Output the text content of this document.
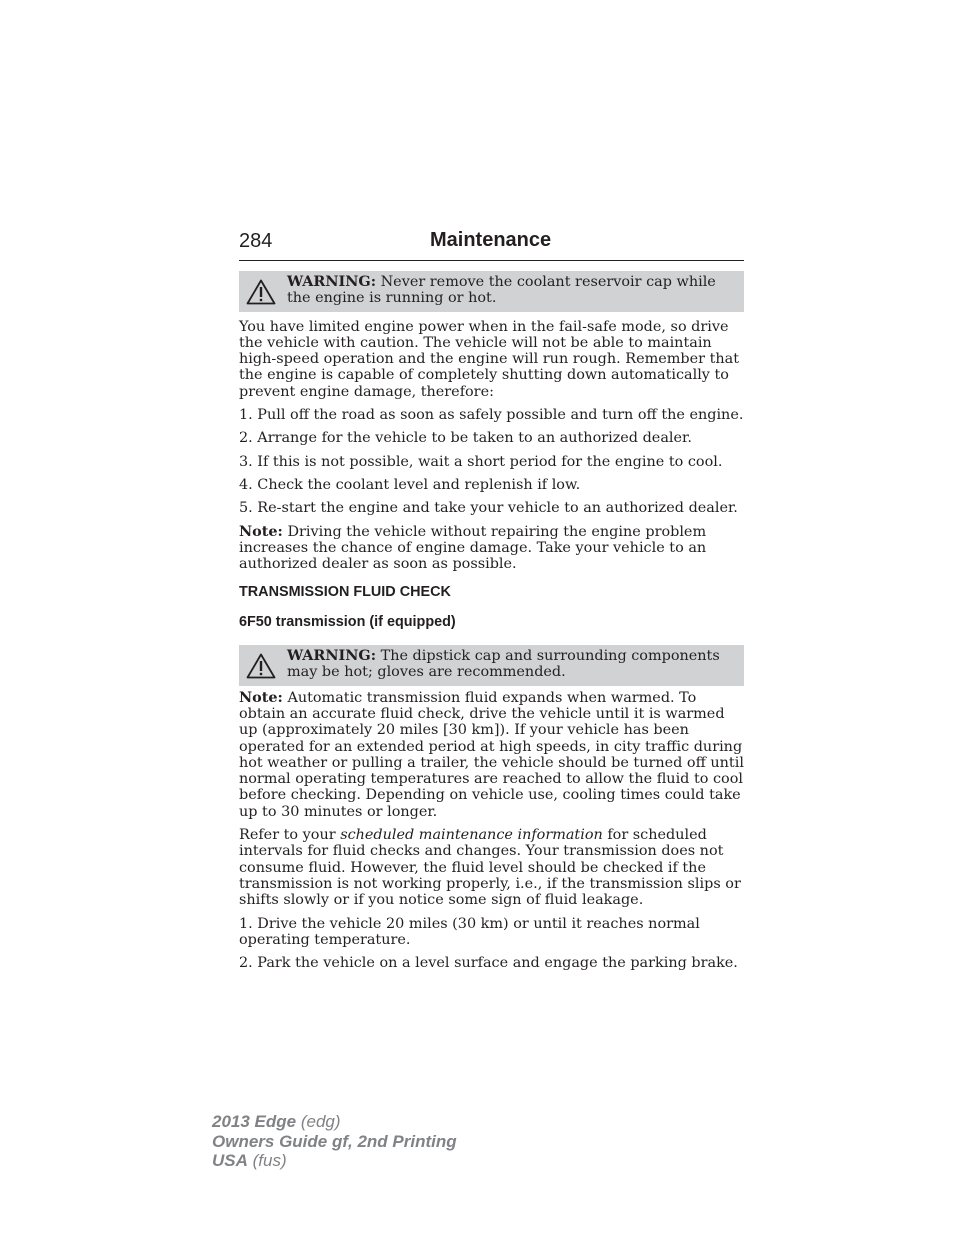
284	Maintenance
WARNING: Never remove the coolant reservoir cap while the engine is running or hot.

You have limited engine power when in the fail-safe mode, so drive the vehicle with caution. The vehicle will not be able to maintain high-speed operation and the engine will run rough. Remember that the engine is capable of completely shutting down automatically to prevent engine damage, therefore:

1. Pull off the road as soon as safely possible and turn off the engine.

2. Arrange for the vehicle to be taken to an authorized dealer.

3. If this is not possible, wait a short period for the engine to cool.

4. Check the coolant level and replenish if low.

5. Re-start the engine and take your vehicle to an authorized dealer.

Note: Driving the vehicle without repairing the engine problem increases the chance of engine damage. Take your vehicle to an authorized dealer as soon as possible.

TRANSMISSION FLUID CHECK

6F50 transmission (if equipped)

WARNING: The dipstick cap and surrounding components may be hot; gloves are recommended.

Note: Automatic transmission fluid expands when warmed. To obtain an accurate fluid check, drive the vehicle until it is warmed up (approximately 20 miles [30 km]). If your vehicle has been operated for an extended period at high speeds, in city traffic during hot weather or pulling a trailer, the vehicle should be turned off until normal operating temperatures are reached to allow the fluid to cool before checking. Depending on vehicle use, cooling times could take up to 30 minutes or longer.

Refer to your scheduled maintenance information for scheduled intervals for fluid checks and changes. Your transmission does not consume fluid. However, the fluid level should be checked if the transmission is not working properly, i.e., if the transmission slips or shifts slowly or if you notice some sign of fluid leakage.

1. Drive the vehicle 20 miles (30 km) or until it reaches normal operating temperature.

2. Park the vehicle on a level surface and engage the parking brake.

2013 Edge (edg)
Owners Guide gf, 2nd Printing
USA (fus)
